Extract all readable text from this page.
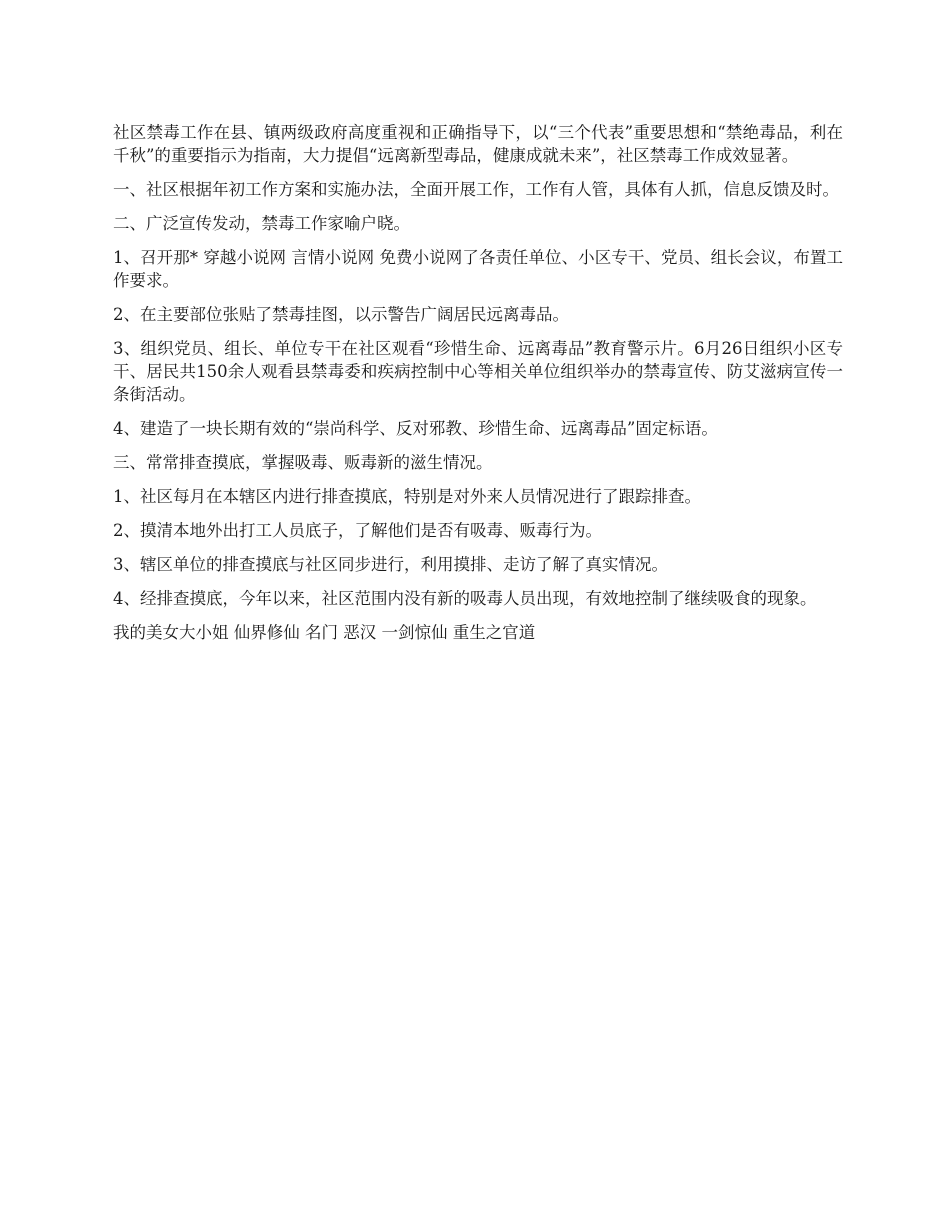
社区禁毒工作在县、镇两级政府高度重视和正确指导下，以“三个代表”重要思想和“禁绝毒品，利在千秋”的重要指示为指南，大力提倡“远离新型毒品，健康成就未来”，社区禁毒工作成效显著。

一、社区根据年初工作方案和实施办法，全面开展工作，工作有人管，具体有人抓，信息反馈及时。

二、广泛宣传发动，禁毒工作家喻户晓。

1、召开那* 穿越小说网 言情小说网 免费小说网了各责任单位、小区专干、党员、组长会议，布置工作要求。

2、在主要部位张贴了禁毒挂图，以示警告广阔居民远离毒品。

3、组织党员、组长、单位专干在社区观看“珍惜生命、远离毒品”教育警示片。6月26日组织小区专干、居民共150余人观看县禁毒委和疾病控制中心等相关单位组织举办的禁毒宣传、防艾滋病宣传一条街活动。

4、建造了一块长期有效的“崇尚科学、反对邪教、珍惜生命、远离毒品”固定标语。

三、常常排查摸底，掌握吸毒、贩毒新的滋生情况。

1、社区每月在本辖区内进行排查摸底，特别是对外来人员情况进行了跟踪排查。

2、摸清本地外出打工人员底子，了解他们是否有吸毒、贩毒行为。

3、辖区单位的排查摸底与社区同步进行，利用摸排、走访了解了真实情况。

4、经排查摸底，今年以来，社区范围内没有新的吸毒人员出现，有效地控制了继续吸食的现象。

我的美女大小姐 仙界修仙 名门 恶汉 一剑惊仙 重生之官道
